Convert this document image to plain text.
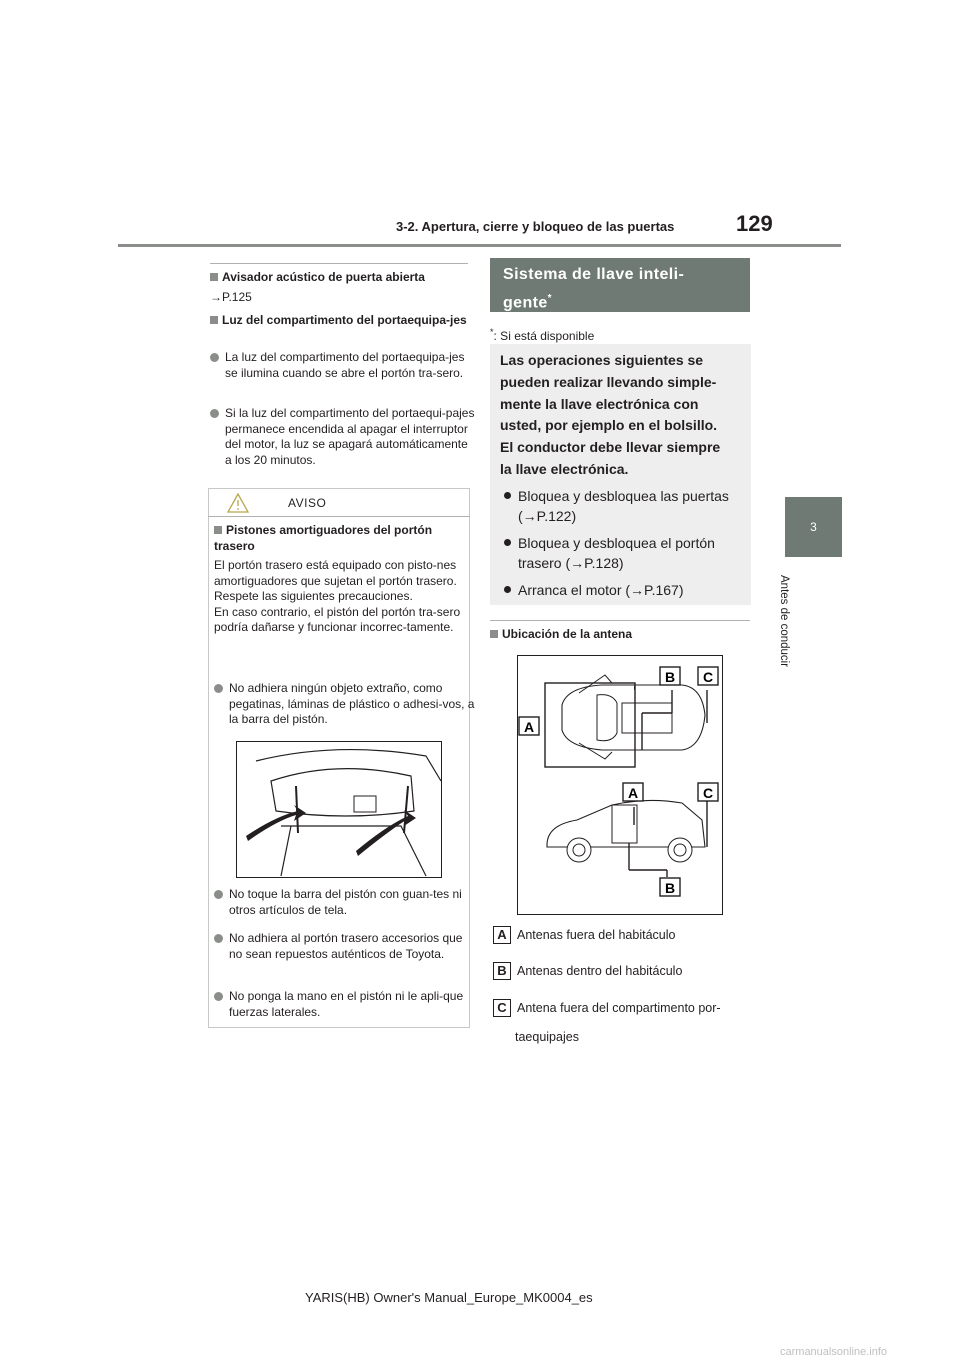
3-2. Apertura, cierre y bloqueo de las puertas	129
3
Antes de conducir
Avisador acústico de puerta abierta
→P.125
Luz del compartimento del portaequipa-jes
La luz del compartimento del portaequipa-jes se ilumina cuando se abre el portón tra-sero.
Si la luz del compartimento del portaequi-pajes permanece encendida al apagar el interruptor del motor, la luz se apagará automáticamente a los 20 minutos.
AVISO
Pistones amortiguadores del portón trasero
El portón trasero está equipado con pisto-nes amortiguadores que sujetan el portón trasero.
Respete las siguientes precauciones.
En caso contrario, el pistón del portón tra-sero podría dañarse y funcionar incorrec-tamente.
No adhiera ningún objeto extraño, como pegatinas, láminas de plástico o adhesi-vos, a la barra del pistón.
No toque la barra del pistón con guan-tes ni otros artículos de tela.
No adhiera al portón trasero accesorios que no sean repuestos auténticos de Toyota.
No ponga la mano en el pistón ni le apli-que fuerzas laterales.
Sistema de llave inteli-
gente*
*: Si está disponible
Las operaciones siguientes se
pueden realizar llevando simple-
mente la llave electrónica con
usted, por ejemplo en el bolsillo.
El conductor debe llevar siempre
la llave electrónica.
Bloquea y desbloquea las puertas
(→P.122)
Bloquea y desbloquea el portón
trasero (→P.128)
Arranca el motor (→P.167)
Ubicación de la antena
B C
A
A	C
B
A Antenas fuera del habitáculo
B Antenas dentro del habitáculo
C Antena fuera del compartimento por-
taequipajes
YARIS(HB) Owner's Manual_Europe_MK0004_es
carmanualsonline.info
